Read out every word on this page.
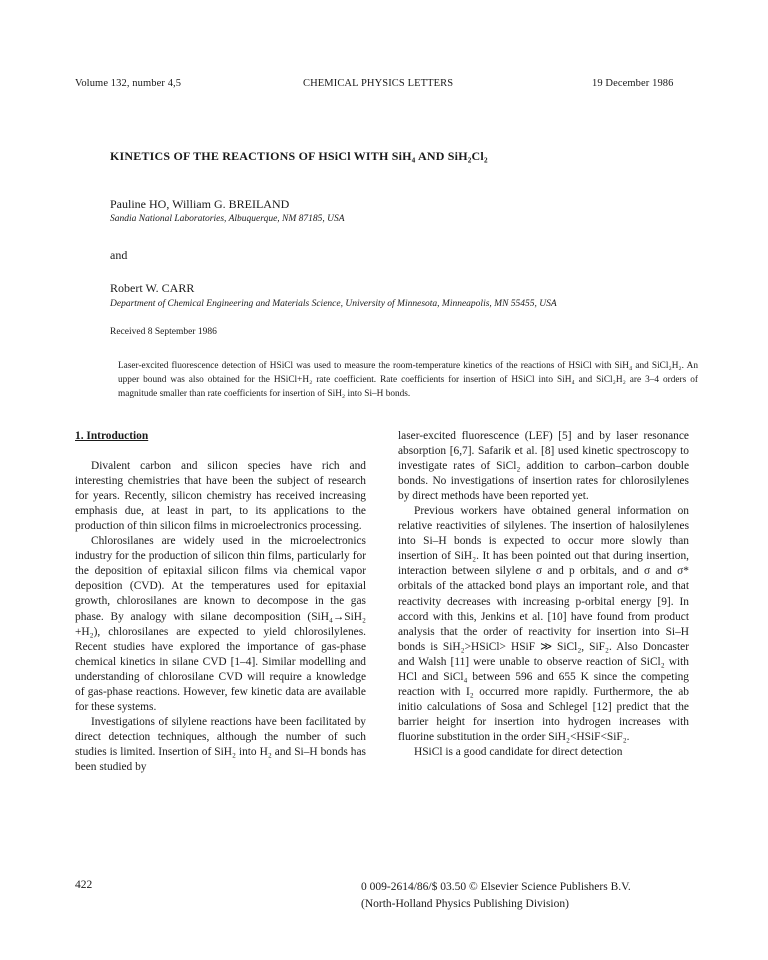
Volume 132, number 4,5	CHEMICAL PHYSICS LETTERS	19 December 1986
KINETICS OF THE REACTIONS OF HSiCl WITH SiH₄ AND SiH₂Cl₂
Pauline HO, William G. BREILAND
Sandia National Laboratories, Albuquerque, NM 87185, USA
and
Robert W. CARR
Department of Chemical Engineering and Materials Science, University of Minnesota, Minneapolis, MN 55455, USA
Received 8 September 1986
Laser-excited fluorescence detection of HSiCl was used to measure the room-temperature kinetics of the reactions of HSiCl with SiH₄ and SiCl₂H₂. An upper bound was also obtained for the HSiCl+H₂ rate coefficient. Rate coefficients for insertion of HSiCl into SiH₄ and SiCl₂H₂ are 3–4 orders of magnitude smaller than rate coefficients for insertion of SiH₂ into Si–H bonds.
1. Introduction

Divalent carbon and silicon species have rich and interesting chemistries that have been the subject of research for years. Recently, silicon chemistry has received increasing emphasis due, at least in part, to its applications to the production of thin silicon films in microelectronics processing.

Chlorosilanes are widely used in the microelectronics industry for the production of silicon thin films, particularly for the deposition of epitaxial silicon films via chemical vapor deposition (CVD). At the temperatures used for epitaxial growth, chlorosilanes are known to decompose in the gas phase. By analogy with silane decomposition (SiH₄→SiH₂ +H₂), chlorosilanes are expected to yield chlorosilylenes. Recent studies have explored the importance of gas-phase chemical kinetics in silane CVD [1–4]. Similar modelling and understanding of chlorosilane CVD will require a knowledge of gas-phase reactions. However, few kinetic data are available for these systems.

Investigations of silylene reactions have been facilitated by direct detection techniques, although the number of such studies is limited. Insertion of SiH₂ into H₂ and Si–H bonds has been studied by

laser-excited fluorescence (LEF) [5] and by laser resonance absorption [6,7]. Safarik et al. [8] used kinetic spectroscopy to investigate rates of SiCl₂ addition to carbon–carbon double bonds. No investigations of insertion rates for chlorosilylenes by direct methods have been reported yet.

Previous workers have obtained general information on relative reactivities of silylenes. The insertion of halosilylenes into Si–H bonds is expected to occur more slowly than insertion of SiH₂. It has been pointed out that during insertion, interaction between silylene σ and p orbitals, and σ and σ* orbitals of the attacked bond plays an important role, and that reactivity decreases with increasing p-orbital energy [9]. In accord with this, Jenkins et al. [10] have found from product analysis that the order of reactivity for insertion into Si–H bonds is SiH₂>HSiCl> HSiF ≫ SiCl₂, SiF₂. Also Doncaster and Walsh [11] were unable to observe reaction of SiCl₂ with HCl and SiCl₄ between 596 and 655 K since the competing reaction with I₂ occurred more rapidly. Furthermore, the ab initio calculations of Sosa and Schlegel [12] predict that the barrier height for insertion into hydrogen increases with fluorine substitution in the order SiH₂<HSiF<SiF₂.

HSiCl is a good candidate for direct detection

422	0 009-2614/86/$ 03.50 © Elsevier Science Publishers B.V.
(North-Holland Physics Publishing Division)
